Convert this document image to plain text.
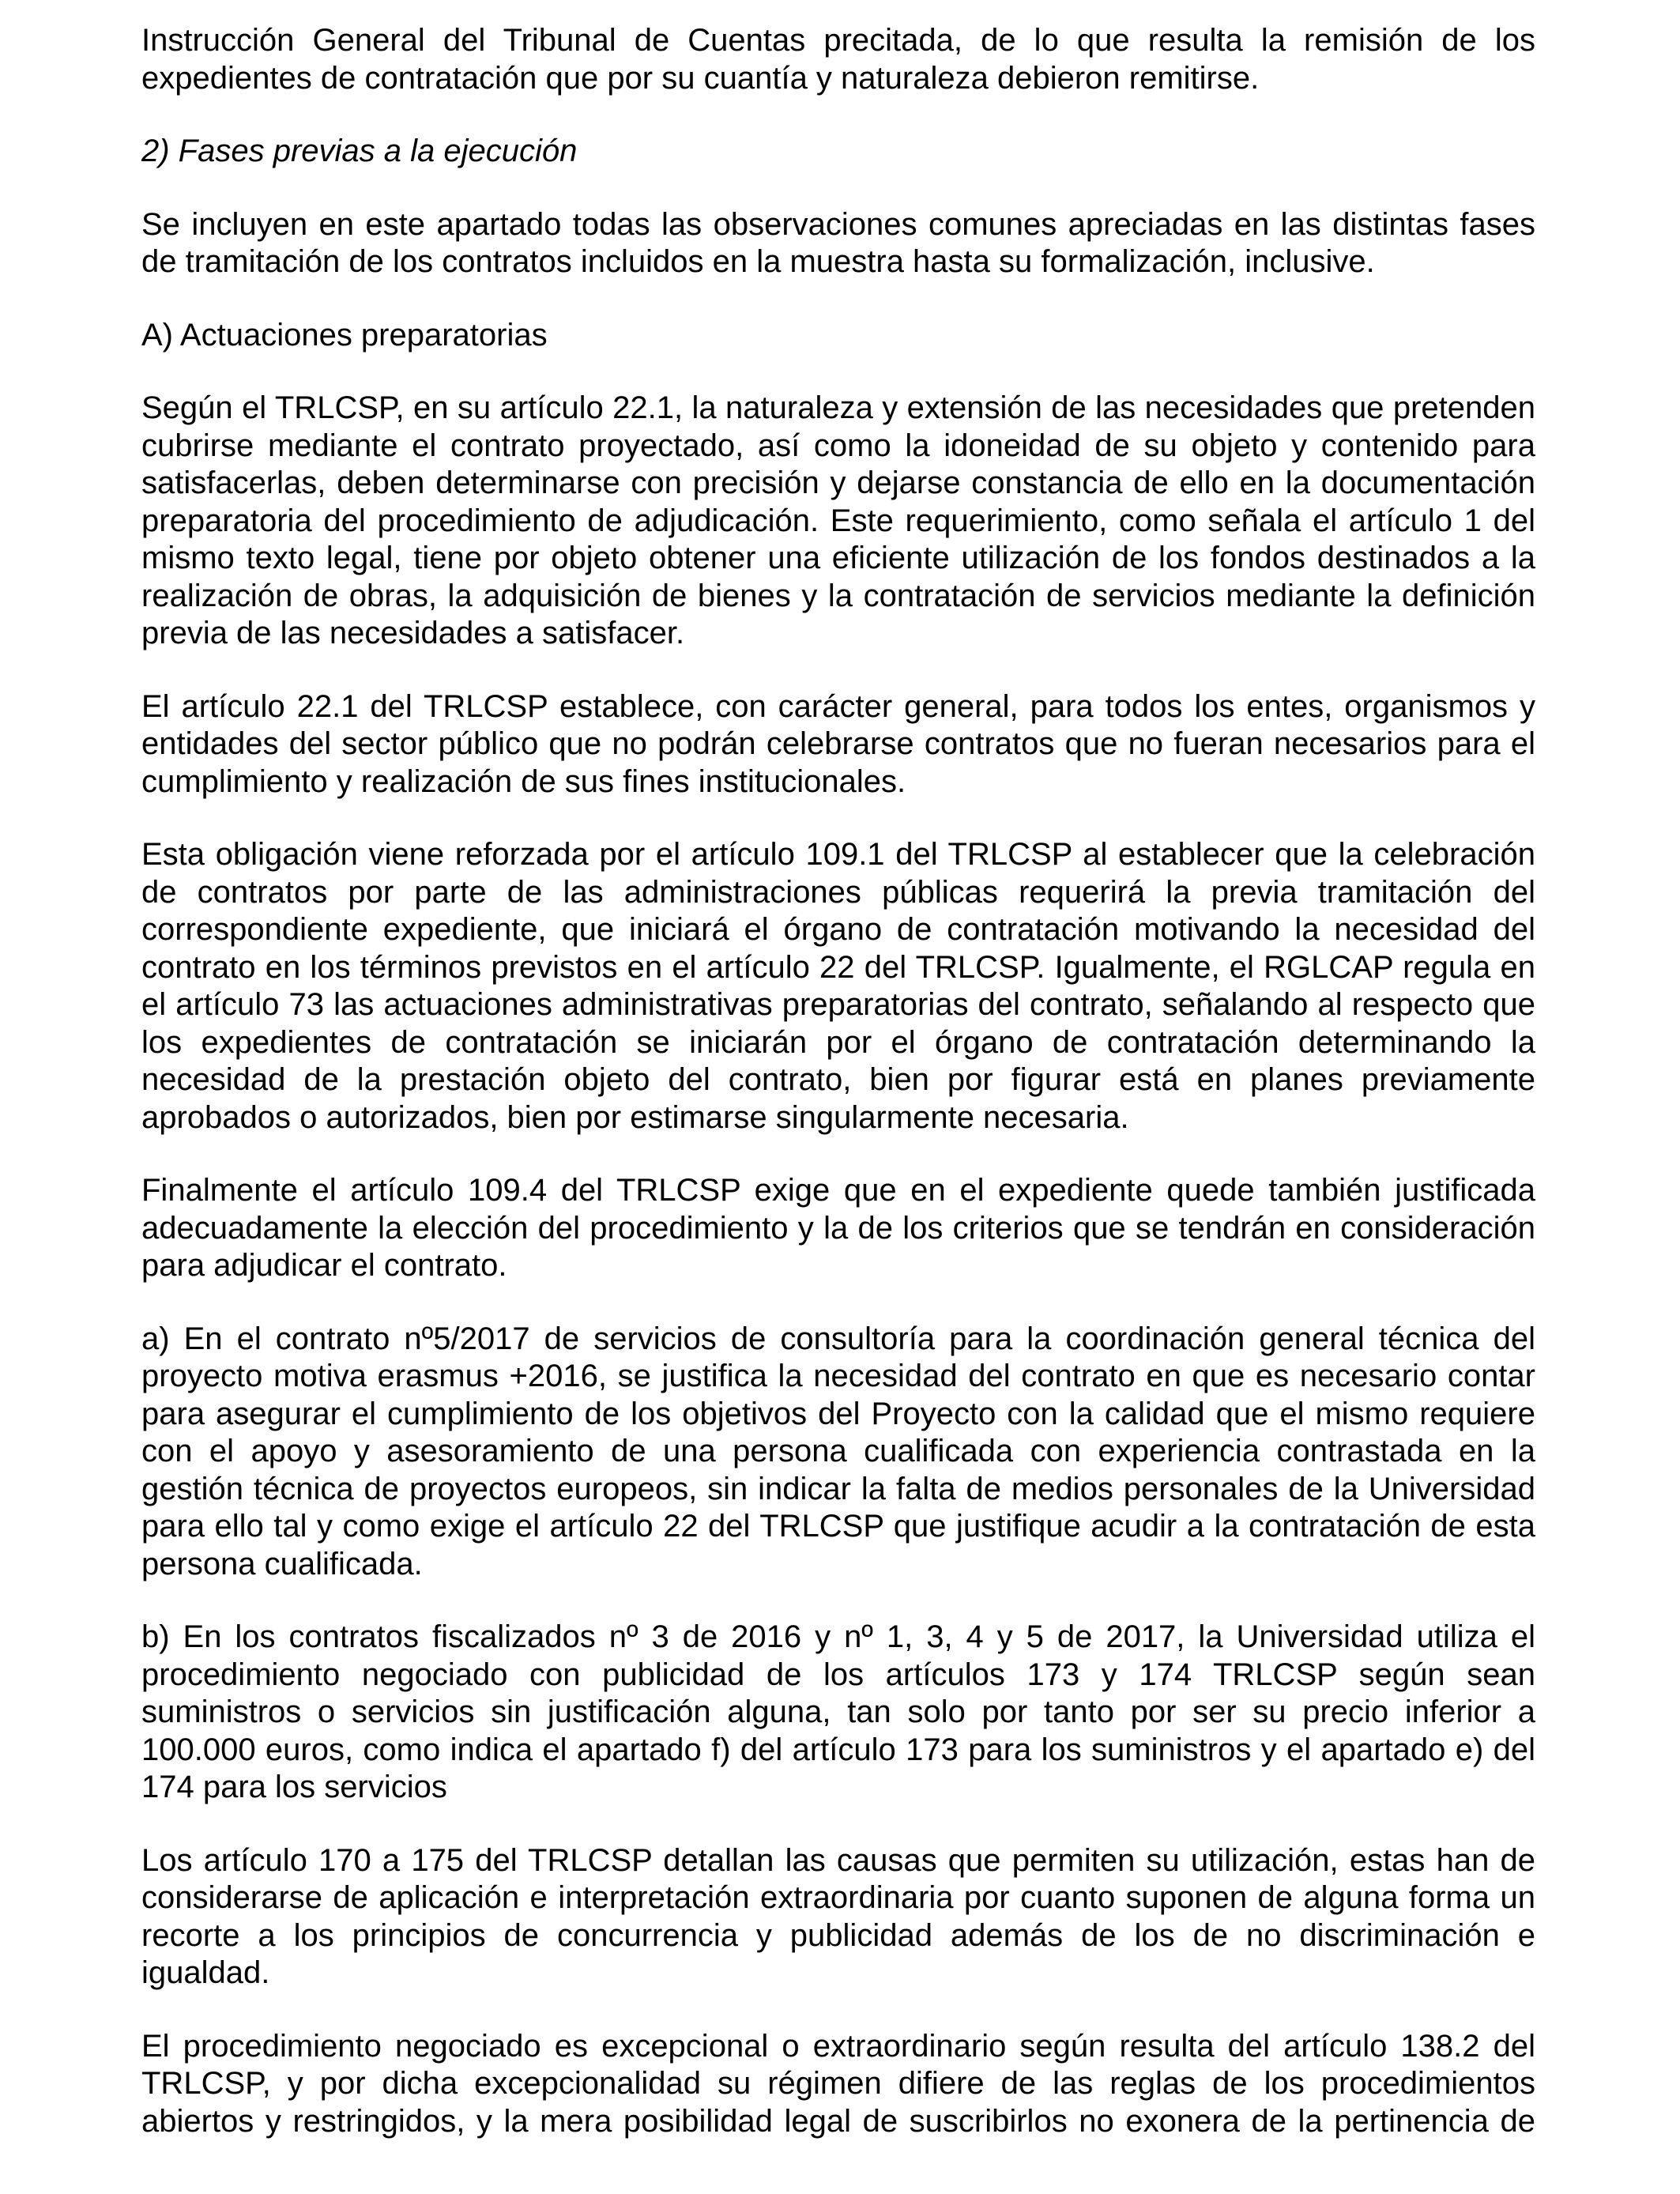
Instrucción General del Tribunal de Cuentas precitada, de lo que resulta la remisión de los expedientes de contratación que por su cuantía y naturaleza debieron remitirse.

2) Fases previas a la ejecución

Se incluyen en este apartado todas las observaciones comunes apreciadas en las distintas fases de tramitación de los contratos incluidos en la muestra hasta su formalización, inclusive.

A) Actuaciones preparatorias

Según el TRLCSP, en su artículo 22.1, la naturaleza y extensión de las necesidades que pretenden cubrirse mediante el contrato proyectado, así como la idoneidad de su objeto y contenido para satisfacerlas, deben determinarse con precisión y dejarse constancia de ello en la documentación preparatoria del procedimiento de adjudicación. Este requerimiento, como señala el artículo 1 del mismo texto legal, tiene por objeto obtener una eficiente utilización de los fondos destinados a la realización de obras, la adquisición de bienes y la contratación de servicios mediante la definición previa de las necesidades a satisfacer.

El artículo 22.1 del TRLCSP establece, con carácter general, para todos los entes, organismos y entidades del sector público que no podrán celebrarse contratos que no fueran necesarios para el cumplimiento y realización de sus fines institucionales.

Esta obligación viene reforzada por el artículo 109.1 del TRLCSP al establecer que la celebración de contratos por parte de las administraciones públicas requerirá la previa tramitación del correspondiente expediente, que iniciará el órgano de contratación motivando la necesidad del contrato en los términos previstos en el artículo 22 del TRLCSP. Igualmente, el RGLCAP regula en el artículo 73 las actuaciones administrativas preparatorias del contrato, señalando al respecto que los expedientes de contratación se iniciarán por el órgano de contratación determinando la necesidad de la prestación objeto del contrato, bien por figurar está en planes previamente aprobados o autorizados, bien por estimarse singularmente necesaria.

Finalmente el artículo 109.4 del TRLCSP exige que en el expediente quede también justificada adecuadamente la elección del procedimiento y la de los criterios que se tendrán en consideración para adjudicar el contrato.

a) En el contrato nº5/2017 de servicios de consultoría para la coordinación general técnica del proyecto motiva erasmus +2016, se justifica la necesidad del contrato en que es necesario contar para asegurar el cumplimiento de los objetivos del Proyecto con la calidad que el mismo requiere con el apoyo y asesoramiento de una persona cualificada con experiencia contrastada en la gestión técnica de proyectos europeos, sin indicar la falta de medios personales de la Universidad para ello tal y como exige el artículo 22 del TRLCSP que justifique acudir a la contratación de esta persona cualificada.

b) En los contratos fiscalizados nº 3 de 2016 y nº 1, 3, 4 y 5 de 2017, la Universidad utiliza el procedimiento negociado con publicidad de los artículos 173 y 174 TRLCSP según sean suministros o servicios sin justificación alguna, tan solo por tanto por ser su precio inferior a 100.000 euros, como indica el apartado f) del artículo 173 para los suministros y el apartado e) del 174 para los servicios

Los artículo 170 a 175 del TRLCSP detallan las causas que permiten su utilización, estas han de considerarse de aplicación e interpretación extraordinaria por cuanto suponen de alguna forma un recorte a los principios de concurrencia y publicidad además de los de no discriminación e igualdad.

El procedimiento negociado es excepcional o extraordinario según resulta del artículo 138.2 del TRLCSP, y por dicha excepcionalidad su régimen difiere de las reglas de los procedimientos abiertos y restringidos, y la mera posibilidad legal de suscribirlos no exonera de la pertinencia de
